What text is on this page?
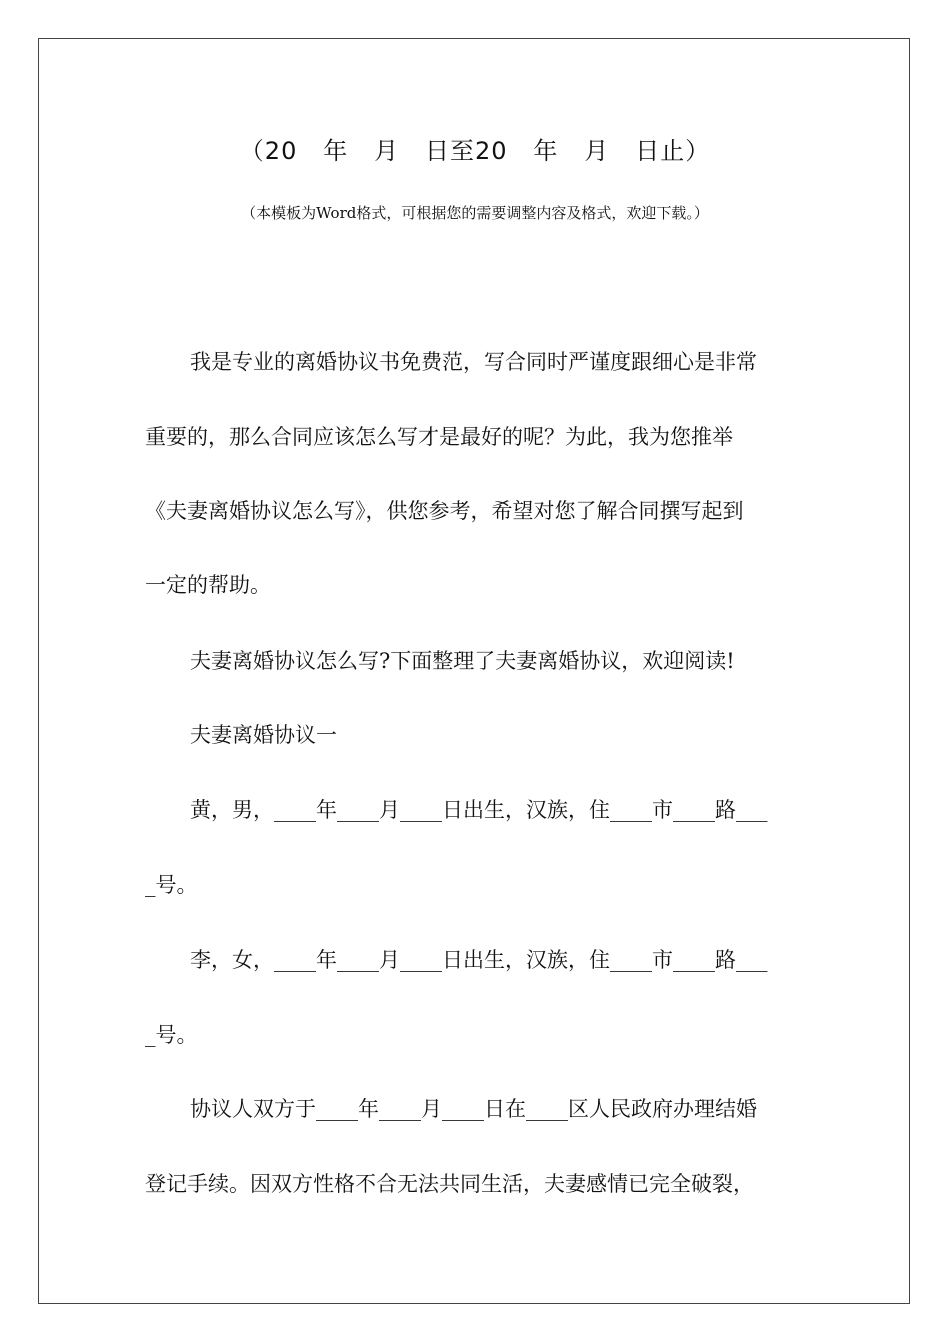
（20   年   月   日至20   年   月   日止）
（本模板为Word格式，可根据您的需要调整内容及格式，欢迎下载。）
我是专业的离婚协议书免费范，写合同时严谨度跟细心是非常
重要的，那么合同应该怎么写才是最好的呢？为此，我为您推举
《夫妻离婚协议怎么写》，供您参考，希望对您了解合同撰写起到
一定的帮助。
夫妻离婚协议怎么写?下面整理了夫妻离婚协议，欢迎阅读!
夫妻离婚协议一
黄，男，____年____月____日出生，汉族，住____市____路___
_号。
李，女，____年____月____日出生，汉族，住____市____路___
_号。
协议人双方于____年____月____日在____区人民政府办理结婚
登记手续。因双方性格不合无法共同生活，夫妻感情已完全破裂，
